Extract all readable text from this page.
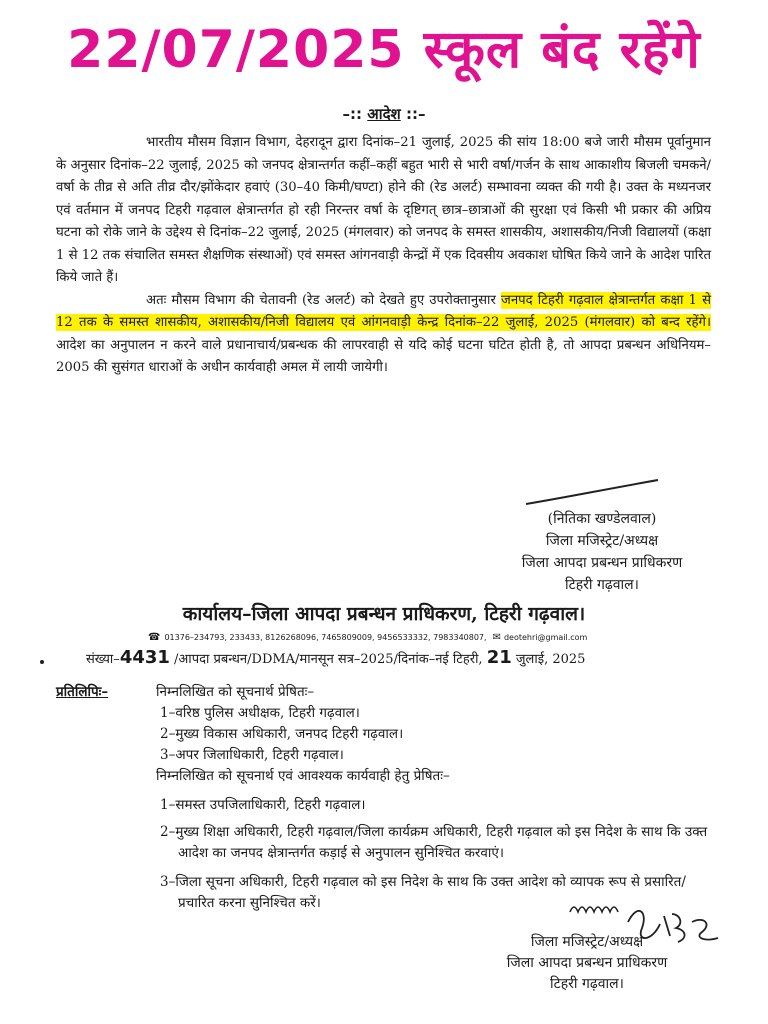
22/07/2025 स्कूल बंद रहेंगे
–:: आदेश ::–

भारतीय मौसम विज्ञान विभाग, देहरादून द्वारा दिनांक–21 जुलाई, 2025 की सांय 18:00 बजे जारी मौसम पूर्वानुमान के अनुसार दिनांक–22 जुलाई, 2025 को जनपद क्षेत्रान्तर्गत कहीं–कहीं बहुत भारी से भारी वर्षा/गर्जन के साथ आकाशीय बिजली चमकने/वर्षा के तीव्र से अति तीव्र दौर/झोंकेदार हवाएं (30–40 किमी/घण्टा) होने की (रेड अलर्ट) सम्भावना व्यक्त की गयी है। उक्त के मध्यनजर एवं वर्तमान में जनपद टिहरी गढ़वाल क्षेत्रान्तर्गत हो रही निरन्तर वर्षा के दृष्टिगत् छात्र–छात्राओं की सुरक्षा एवं किसी भी प्रकार की अप्रिय घटना को रोके जाने के उद्देश्य से दिनांक–22 जुलाई, 2025 (मंगलवार) को जनपद के समस्त शासकीय, अशासकीय/निजी विद्यालयों (कक्षा 1 से 12 तक संचालित समस्त शैक्षणिक संस्थाओं) एवं समस्त आंगनवाड़ी केन्द्रों में एक दिवसीय अवकाश घोषित किये जाने के आदेश पारित किये जाते हैं।

अतः मौसम विभाग की चेतावनी (रेड अलर्ट) को देखते हुए उपरोक्तानुसार जनपद टिहरी गढ़वाल क्षेत्रान्तर्गत कक्षा 1 से 12 तक के समस्त शासकीय, अशासकीय/निजी विद्यालय एवं आंगनवाड़ी केन्द्र दिनांक–22 जुलाई, 2025 (मंगलवार) को बन्द रहेंगे। आदेश का अनुपालन न करने वाले प्रधानाचार्य/प्रबन्धक की लापरवाही से यदि कोई घटना घटित होती है, तो आपदा प्रबन्धन अधिनियम–2005 की सुसंगत धाराओं के अधीन कार्यवाही अमल में लायी जायेगी।

(नितिका खण्डेलवाल)
जिला मजिस्ट्रेट/अध्यक्ष
जिला आपदा प्रबन्धन प्राधिकरण
टिहरी गढ़वाल।
कार्यालय–जिला आपदा प्रबन्धन प्राधिकरण, टिहरी गढ़वाल।
☎ 01376–234793, 233433, 8126268096, 7465809009, 9456533332, 7983340807, ✉ deotehri@gmail.com
संख्या–4431 /आपदा प्रबन्धन/DDMA/मानसून सत्र–2025/दिनांक–नई टिहरी, 21 जुलाई, 2025
प्रतिलिपिः–	निम्नलिखित को सूचनार्थ प्रेषितः–
1–वरिष्ठ पुलिस अधीक्षक, टिहरी गढ़वाल।
2–मुख्य विकास अधिकारी, जनपद टिहरी गढ़वाल।
3–अपर जिलाधिकारी, टिहरी गढ़वाल।
निम्नलिखित को सूचनार्थ एवं आवश्यक कार्यवाही हेतु प्रेषितः–
1–समस्त उपजिलाधिकारी, टिहरी गढ़वाल।
2–मुख्य शिक्षा अधिकारी, टिहरी गढ़वाल/जिला कार्यक्रम अधिकारी, टिहरी गढ़वाल को इस निदेश के साथ कि उक्त आदेश का जनपद क्षेत्रान्तर्गत कड़ाई से अनुपालन सुनिश्चित करवाएं।
3–जिला सूचना अधिकारी, टिहरी गढ़वाल को इस निदेश के साथ कि उक्त आदेश को व्यापक रूप से प्रसारित/प्रचारित करना सुनिश्चित करें।
जिला मजिस्ट्रेट/अध्यक्ष
जिला आपदा प्रबन्धन प्राधिकरण
टिहरी गढ़वाल।
